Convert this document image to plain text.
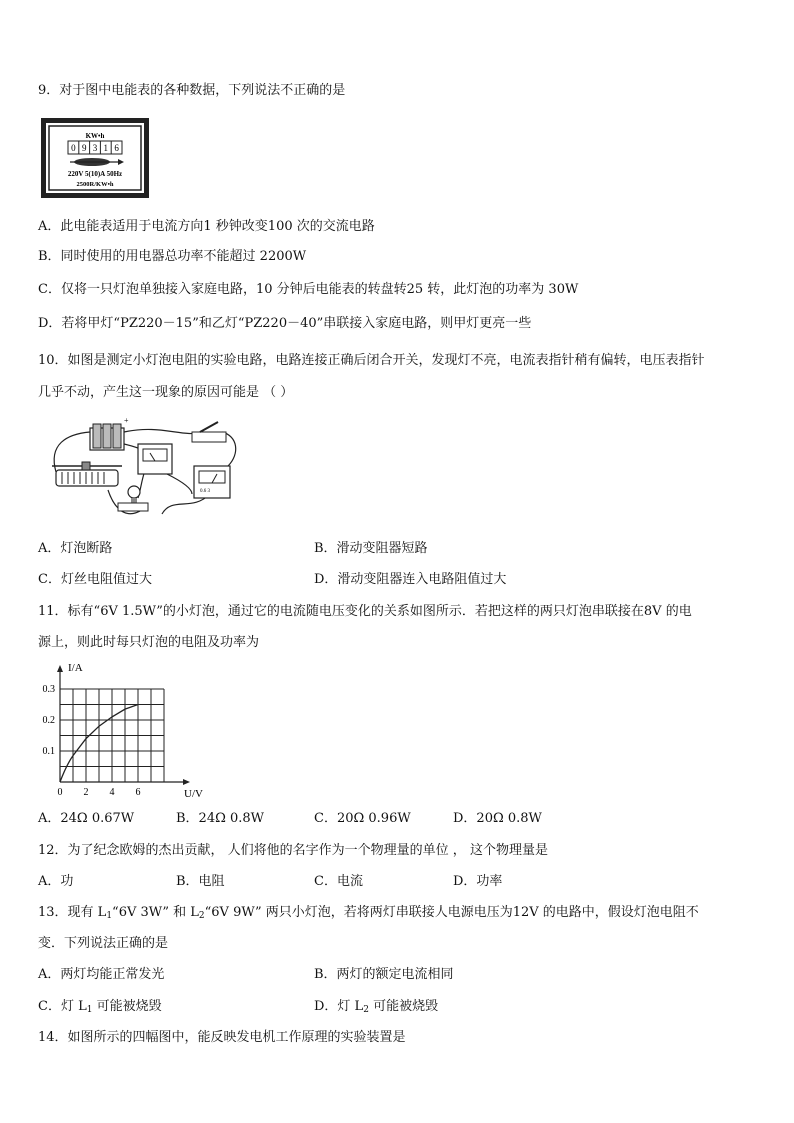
9．对于图中电能表的各种数据，下列说法不正确的是
KW•h
0 9 3 1 6
220V 5(10)A 50Hz
2500R/KW•h
A．此电能表适用于电流方向1 秒钟改变100 次的交流电路
B．同时使用的用电器总功率不能超过 2200W
C．仅将一只灯泡单独接入家庭电路，10 分钟后电能表的转盘转25 转，此灯泡的功率为 30W
D．若将甲灯“PZ220－15”和乙灯“PZ220－40”串联接入家庭电路，则甲灯更亮一些
10．如图是测定小灯泡电阻的实验电路，电路连接正确后闭合开关，发现灯不亮，电流表指针稍有偏转，电压表指针
几乎不动，产生这一现象的原因可能是 （ ）
+
0.6 3
A．灯泡断路	B．滑动变阻器短路
C．灯丝电阻值过大	D．滑动变阻器连入电路阻值过大
11．标有“6V 1.5W”的小灯泡，通过它的电流随电压变化的关系如图所示．若把这样的两只灯泡串联接在8V 的电
源上，则此时每只灯泡的电阻及功率为
0 2 4 6
0.1
0.2
0.3
I/A
U/V
A．24Ω 0.67W	B．24Ω 0.8W	C．20Ω 0.96W	D．20Ω 0.8W
12．为了纪念欧姆的杰出贡献， 人们将他的名字作为一个物理量的单位 ， 这个物理量是
A．功	B．电阻	C．电流	D．功率
13．现有 $L_1“6V$ 3W” 和 $L_2“6V$ 9W” 两只小灯泡，若将两灯串联接人电源电压为12V 的电路中，假设灯泡电阻不
变．下列说法正确的是
A．两灯均能正常发光	B．两灯的额定电流相同
C．灯 $L_1$ 可能被烧毁	D．灯 $L_2$ 可能被烧毁
14．如图所示的四幅图中，能反映发电机工作原理的实验装置是
